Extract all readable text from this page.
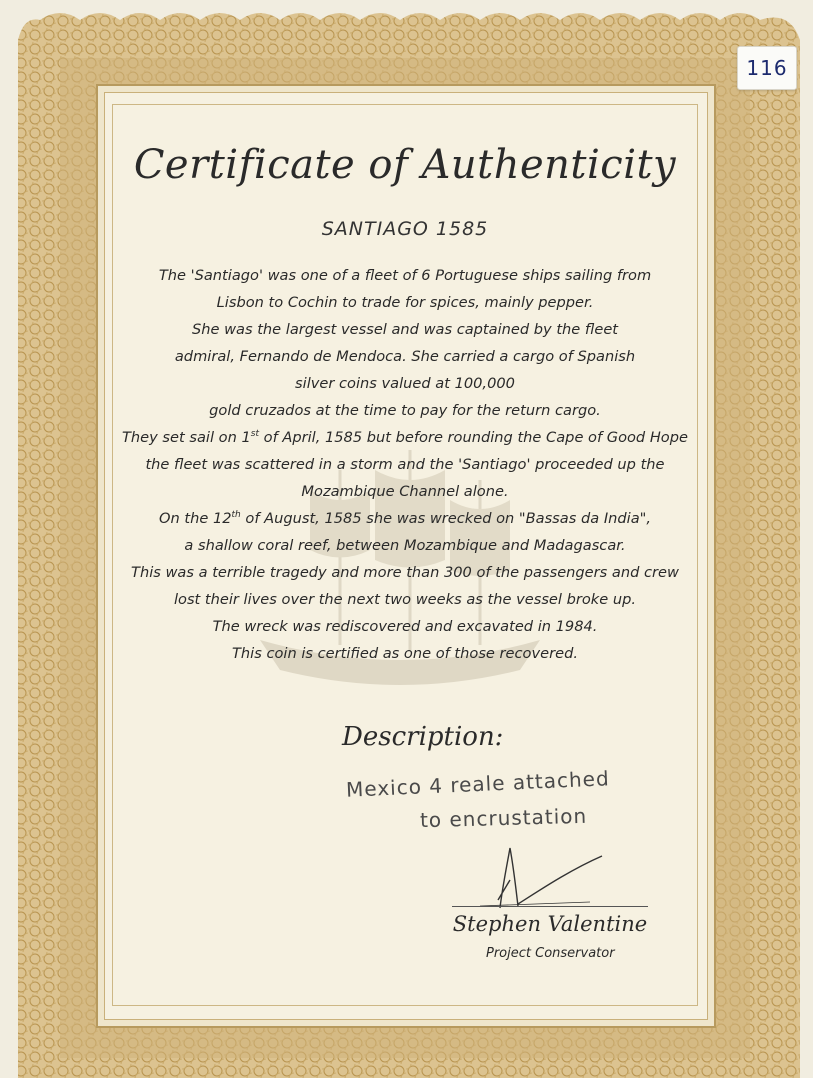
116
Certificate of Authenticity
SANTIAGO 1585
The 'Santiago' was one of a fleet of 6 Portuguese ships sailing from
Lisbon to Cochin to trade for spices, mainly pepper.
She was the largest vessel and was captained by the fleet
admiral, Fernando de Mendoca. She carried a cargo of Spanish
silver coins valued at 100,000
gold cruzados at the time to pay for the return cargo.
They set sail on 1st of April, 1585 but before rounding the Cape of Good Hope
the fleet was scattered in a storm and the 'Santiago' proceeded up the
Mozambique Channel alone.
On the 12th of August, 1585 she was wrecked on "Bassas da India",
a shallow coral reef, between Mozambique and Madagascar.
This was a terrible tragedy and more than 300 of the passengers and crew
lost their lives over the next two weeks as the vessel broke up.
The wreck was rediscovered and excavated in 1984.
This coin is certified as one of those recovered.
Description:
Mexico 4 reale attached
to encrustation
Stephen Valentine
Project Conservator
